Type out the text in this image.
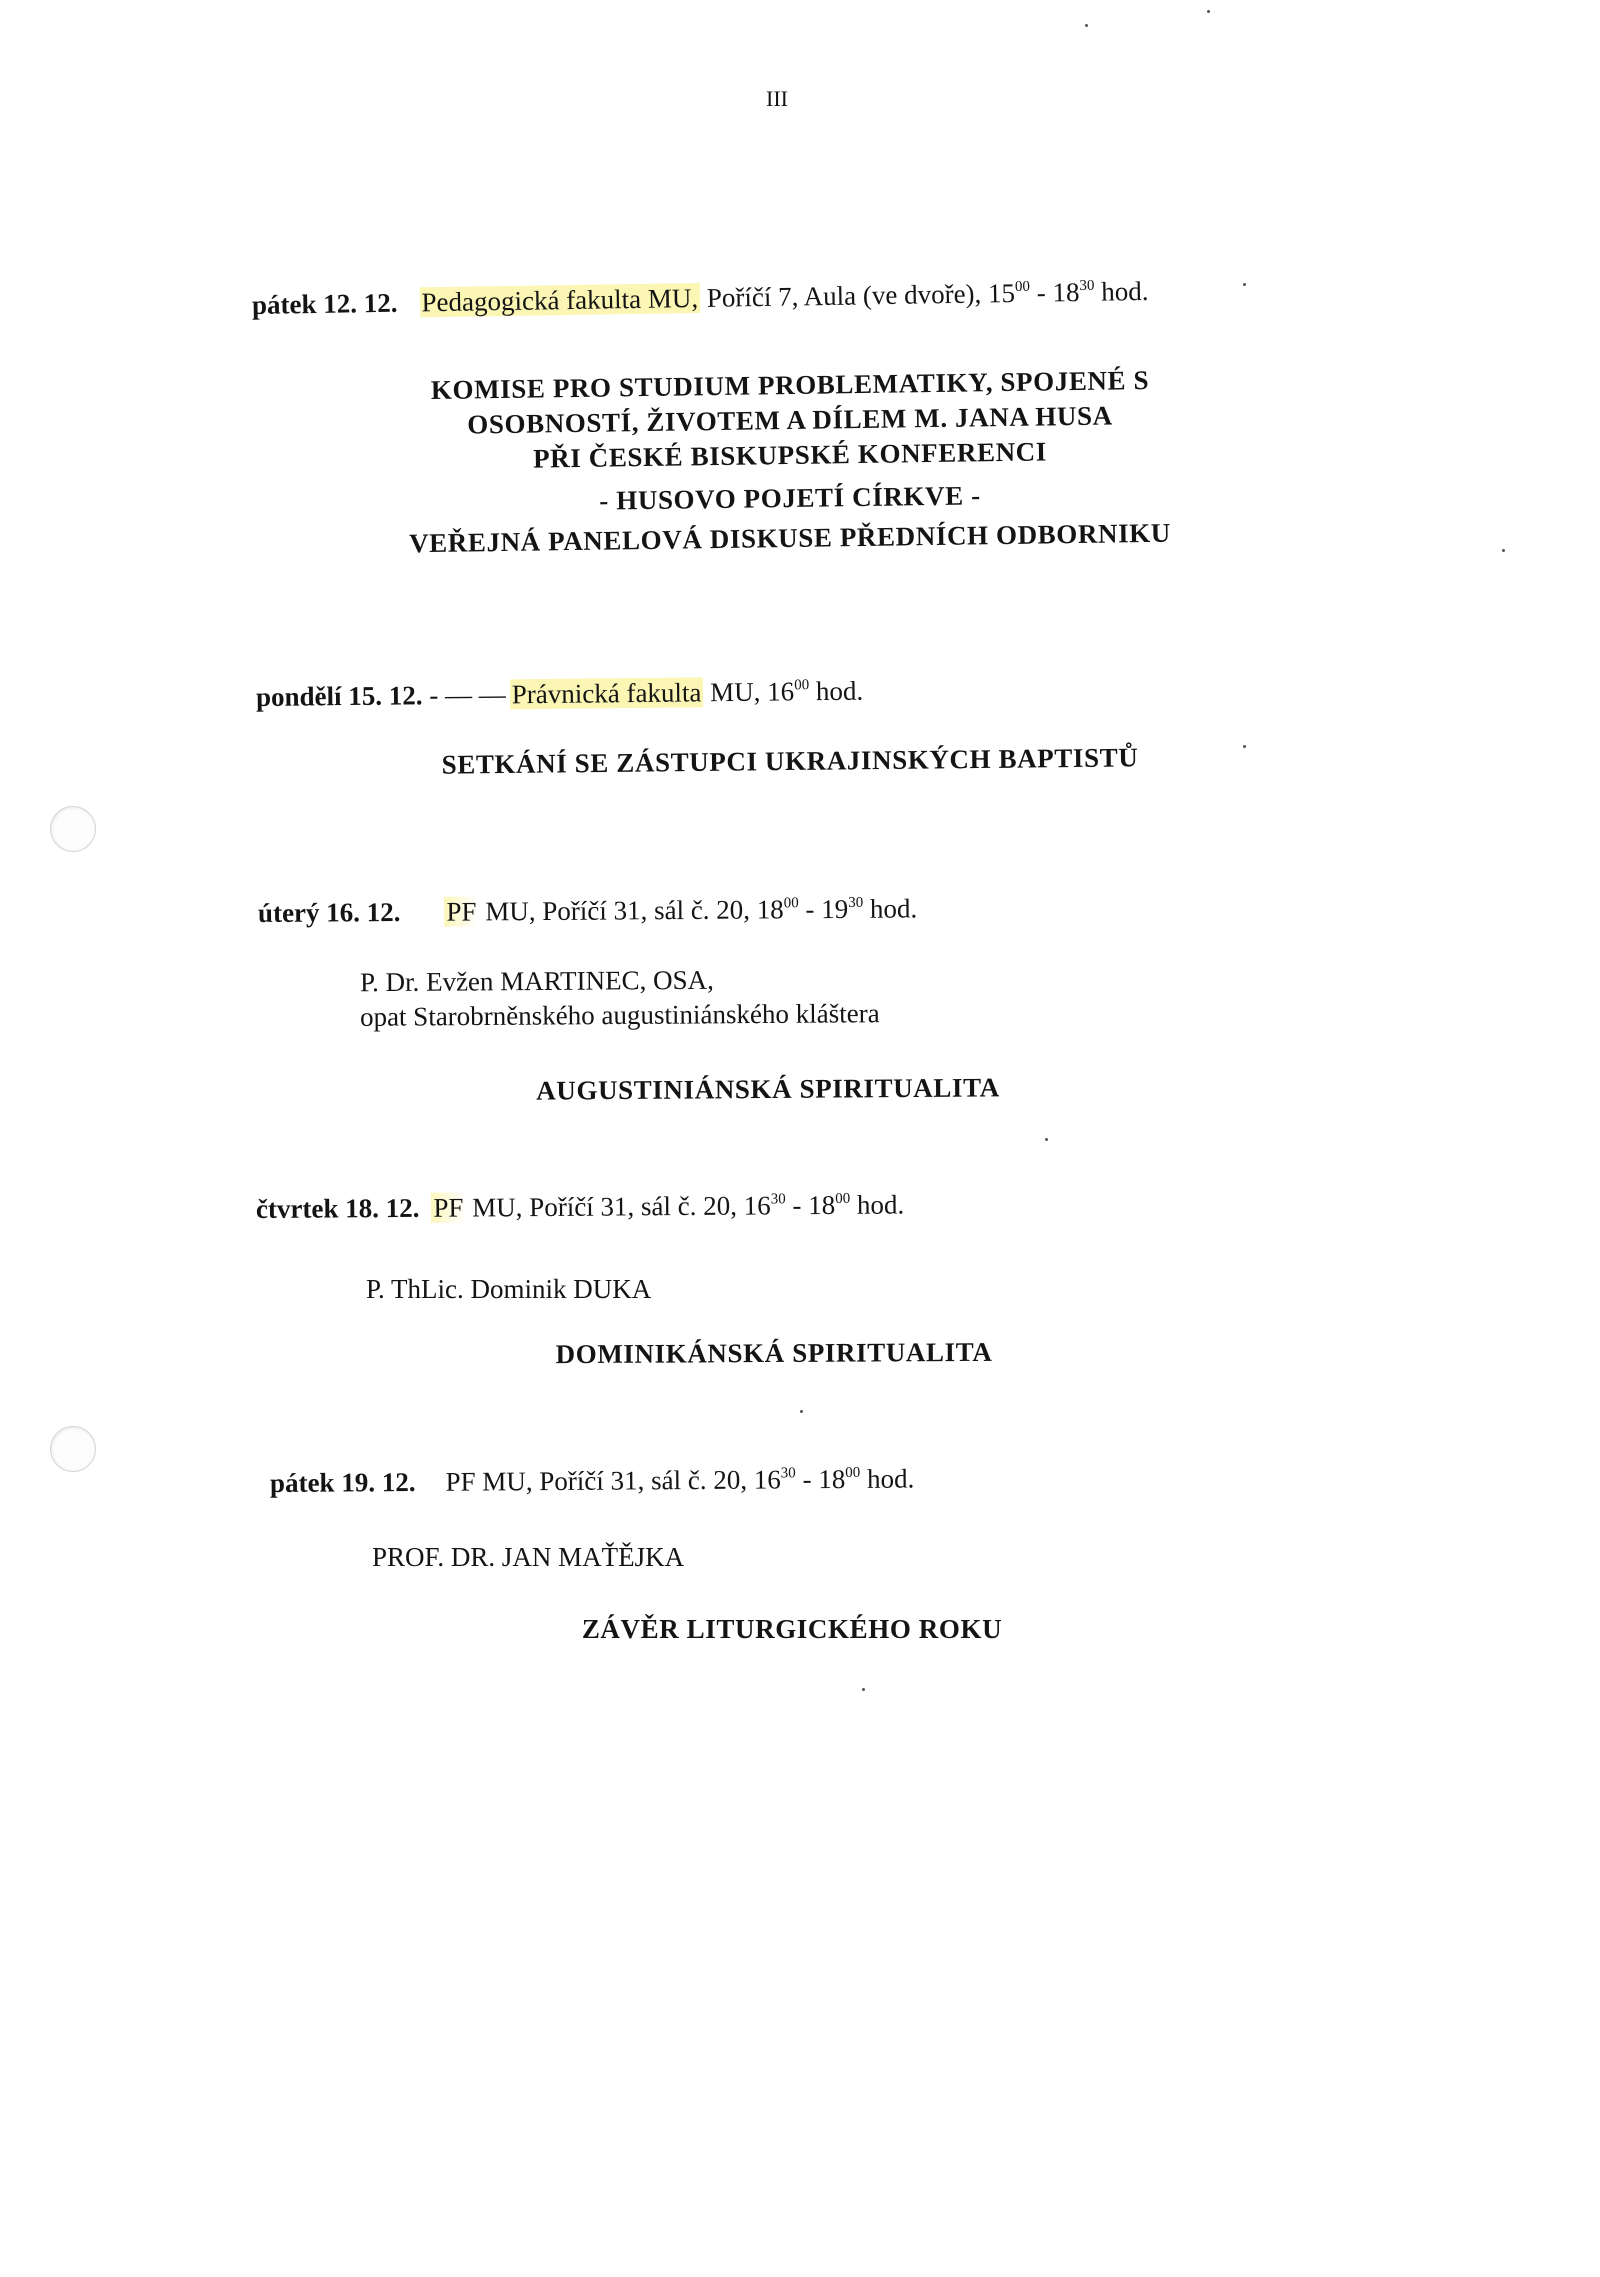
III
pátek 12. 12. Pedagogická fakulta MU, Poříčí 7, Aula (ve dvoře), $15^{00} - 18^{30}$ hod.
KOMISE PRO STUDIUM PROBLEMATIKY, SPOJENÉ S
OSOBNOSTÍ, ŽIVOTEM A DÍLEM M. JANA HUSA
PŘI ČESKÉ BISKUPSKÉ KONFERENCI
- HUSOVO POJETÍ CÍRKVE -
VEŘEJNÁ PANELOVÁ DISKUSE PŘEDNÍCH ODBORNIKU
pondělí 15. 12. - — — Právnická fakulta MU, $16^{00}$ hod.
SETKÁNÍ SE ZÁSTUPCI UKRAJINSKÝCH BAPTISTŮ
úterý 16. 12. PF MU, Poříčí 31, sál č. 20, $18^{00} - 19^{30}$ hod.
P. Dr. Evžen MARTINEC, OSA,
opat Starobrněnského augustiniánského kláštera
AUGUSTINIÁNSKÁ SPIRITUALITA
čtvrtek 18. 12. PF MU, Poříčí 31, sál č. 20, $16^{30} - 18^{00}$ hod.
P. ThLic. Dominik DUKA
DOMINIKÁNSKÁ SPIRITUALITA
pátek 19. 12. PF MU, Poříčí 31, sál č. 20, $16^{30} - 18^{00}$ hod.
PROF. DR. JAN MAŤĚJKA
ZÁVĚR LITURGICKÉHO ROKU
